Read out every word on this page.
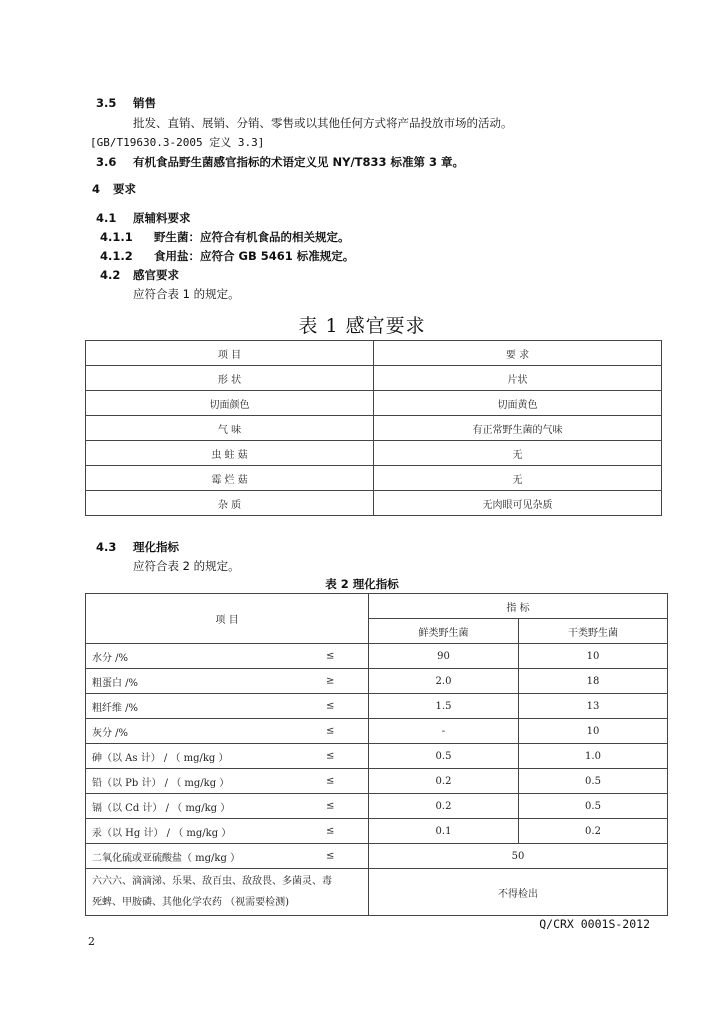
3.5 销售
批发、直销、展销、分销、零售或以其他任何方式将产品投放市场的活动。
[GB/T19630.3-2005 定义 3.3]
3.6 有机食品野生菌感官指标的术语定义见 NY/T833 标准第 3 章。
4 要求
4.1 原辅料要求
4.1.1 野生菌：应符合有机食品的相关规定。
4.1.2 食用盐：应符合 GB 5461 标准规定。
4.2 感官要求
应符合表 1 的规定。
表 1 感官要求
项 目	要 求
形 状	片状
切面颜色	切面黄色
气 味	有正常野生菌的气味
虫 蛀 菇	无
霉 烂 菇	无
杂 质	无肉眼可见杂质
4.3 理化指标
应符合表 2 的规定。
表 2 理化指标
项 目	指 标	
	鲜类野生菌	干类野生菌
水分 /% ≤	90	10
粗蛋白 /% ≥	2.0	18
粗纤维 /% ≤	1.5	13
灰分 /% ≤	-	10
砷（以 As 计） / （ mg/kg ） ≤	0.5	1.0
铅（以 Pb 计） / （ mg/kg ） ≤	0.2	0.5
镉（以 Cd 计） / （ mg/kg ） ≤	0.2	0.5
汞（以 Hg 计） / （ mg/kg ） ≤	0.1	0.2
二氧化硫或亚硫酸盐（ mg/kg ） ≤	50	

六六六、滴滴涕、乐果、敌百虫、敌敌畏、多菌灵、毒
死蜱、甲胺磷、其他化学农药 （视需要检测)	不得检出	
Q/CRX 0001S-2012
2
